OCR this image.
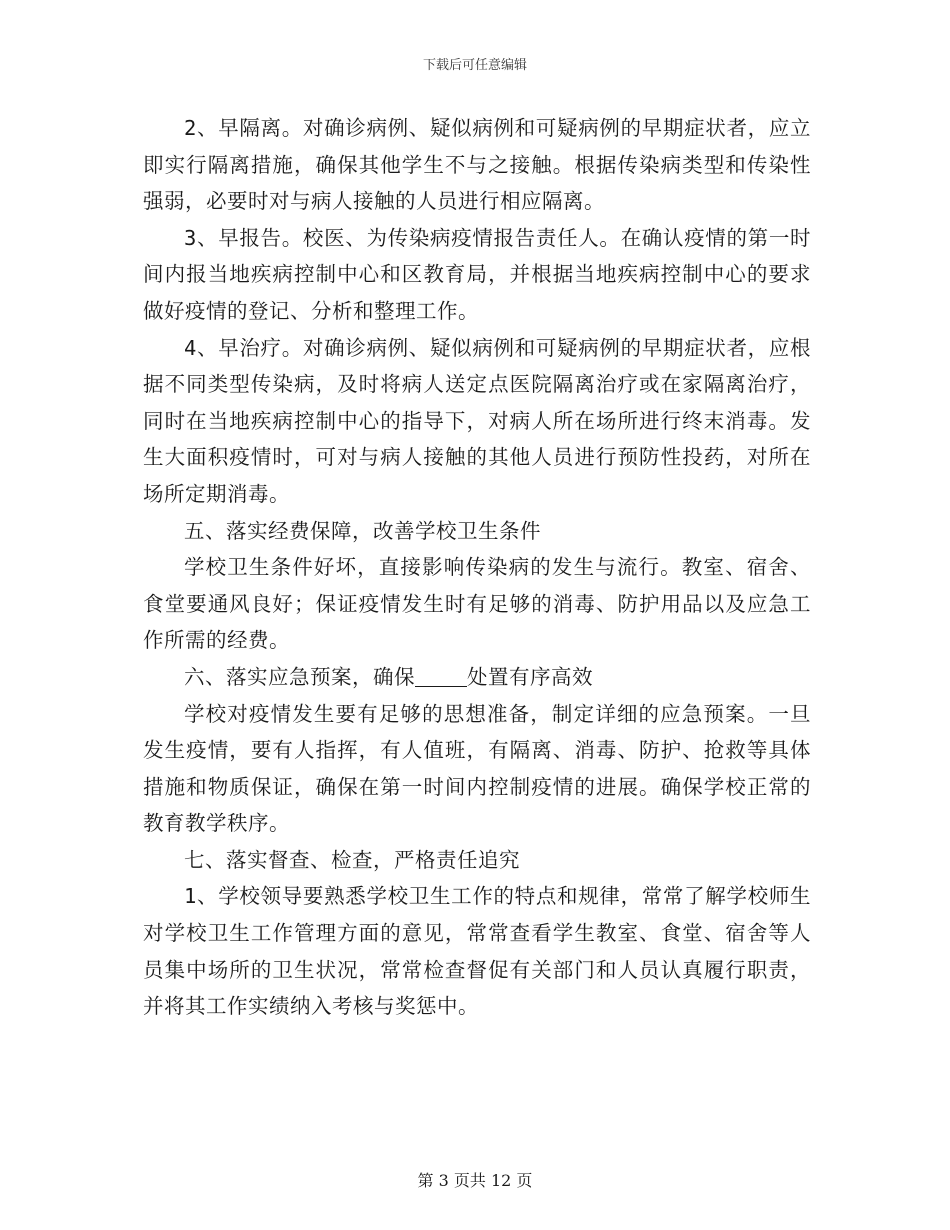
下载后可任意编辑

2、早隔离。对确诊病例、疑似病例和可疑病例的早期症状者，应立即实行隔离措施，确保其他学生不与之接触。根据传染病类型和传染性强弱，必要时对与病人接触的人员进行相应隔离。

3、早报告。校医、为传染病疫情报告责任人。在确认疫情的第一时间内报当地疾病控制中心和区教育局，并根据当地疾病控制中心的要求做好疫情的登记、分析和整理工作。

4、早治疗。对确诊病例、疑似病例和可疑病例的早期症状者，应根据不同类型传染病，及时将病人送定点医院隔离治疗或在家隔离治疗，同时在当地疾病控制中心的指导下，对病人所在场所进行终末消毒。发生大面积疫情时，可对与病人接触的其他人员进行预防性投药，对所在场所定期消毒。

五、落实经费保障，改善学校卫生条件

学校卫生条件好坏，直接影响传染病的发生与流行。教室、宿舍、食堂要通风良好；保证疫情发生时有足够的消毒、防护用品以及应急工作所需的经费。

六、落实应急预案，确保	处置有序高效

学校对疫情发生要有足够的思想准备，制定详细的应急预案。一旦发生疫情，要有人指挥，有人值班，有隔离、消毒、防护、抢救等具体措施和物质保证，确保在第一时间内控制疫情的进展。确保学校正常的教育教学秩序。

七、落实督查、检查，严格责任追究

1、学校领导要熟悉学校卫生工作的特点和规律，常常了解学校师生对学校卫生工作管理方面的意见，常常查看学生教室、食堂、宿舍等人员集中场所的卫生状况，常常检查督促有关部门和人员认真履行职责，并将其工作实绩纳入考核与奖惩中。

第 3 页共 12 页
